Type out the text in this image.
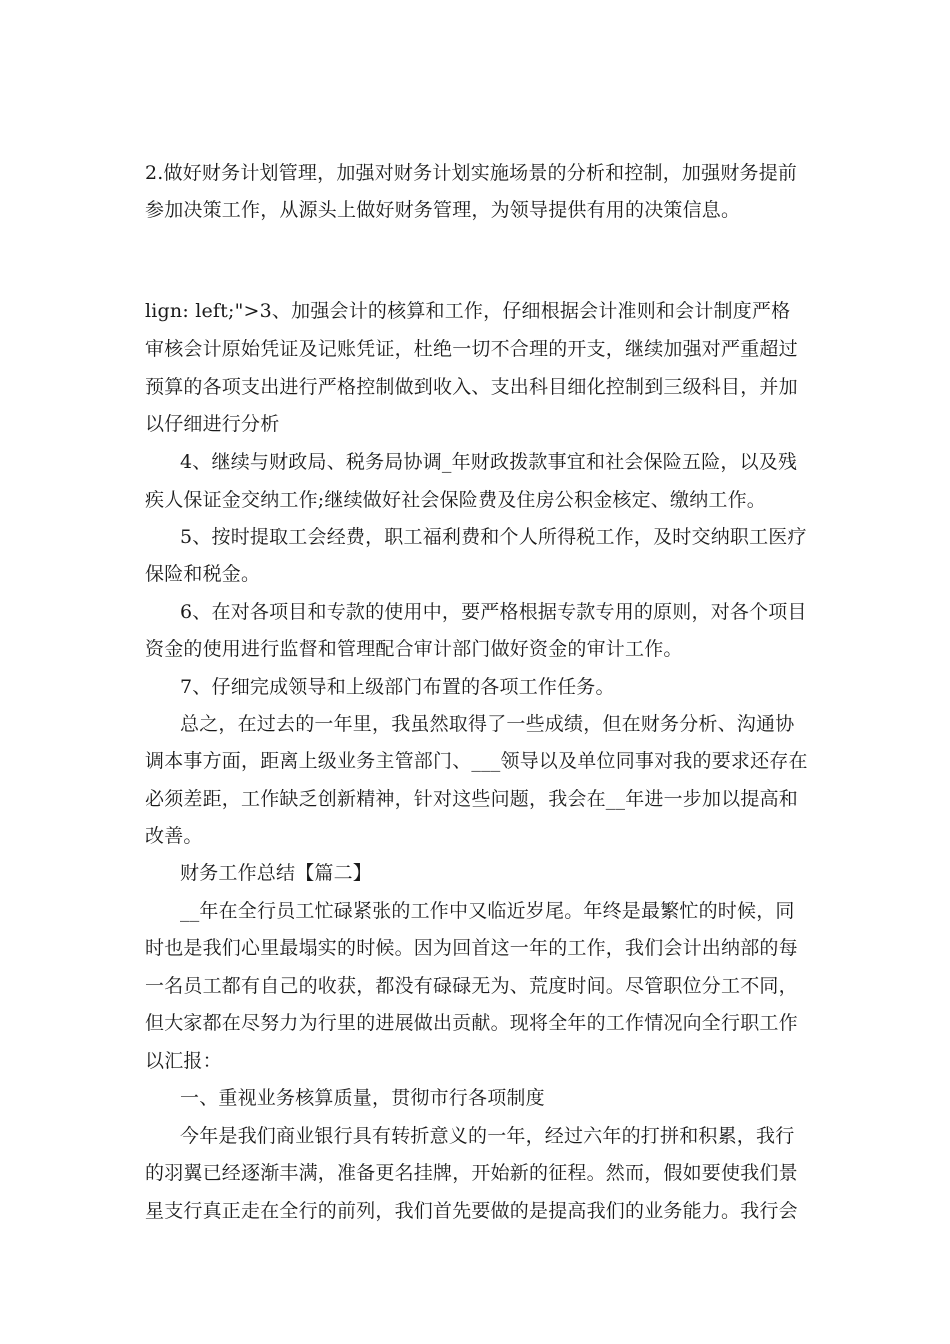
2.做好财务计划管理，加强对财务计划实施场景的分析和控制，加强财务提前
参加决策工作，从源头上做好财务管理，为领导提供有用的决策信息。
lign: left;">3、加强会计的核算和工作，仔细根据会计准则和会计制度严格
审核会计原始凭证及记账凭证，杜绝一切不合理的开支，继续加强对严重超过
预算的各项支出进行严格控制做到收入、支出科目细化控制到三级科目，并加
以仔细进行分析
4、继续与财政局、税务局协调_年财政拨款事宜和社会保险五险，以及残
疾人保证金交纳工作;继续做好社会保险费及住房公积金核定、缴纳工作。
5、按时提取工会经费，职工福利费和个人所得税工作，及时交纳职工医疗
保险和税金。
6、在对各项目和专款的使用中，要严格根据专款专用的原则，对各个项目
资金的使用进行监督和管理配合审计部门做好资金的审计工作。
7、仔细完成领导和上级部门布置的各项工作任务。
总之，在过去的一年里，我虽然取得了一些成绩，但在财务分析、沟通协
调本事方面，距离上级业务主管部门、___领导以及单位同事对我的要求还存在
必须差距，工作缺乏创新精神，针对这些问题，我会在__年进一步加以提高和
改善。
财务工作总结【篇二】
__年在全行员工忙碌紧张的工作中又临近岁尾。年终是最繁忙的时候，同
时也是我们心里最塌实的时候。因为回首这一年的工作，我们会计出纳部的每
一名员工都有自己的收获，都没有碌碌无为、荒度时间。尽管职位分工不同，
但大家都在尽努力为行里的进展做出贡献。现将全年的工作情况向全行职工作
以汇报：
一、重视业务核算质量，贯彻市行各项制度
今年是我们商业银行具有转折意义的一年，经过六年的打拼和积累，我行
的羽翼已经逐渐丰满，准备更名挂牌，开始新的征程。然而，假如要使我们景
星支行真正走在全行的前列，我们首先要做的是提高我们的业务能力。我行会
